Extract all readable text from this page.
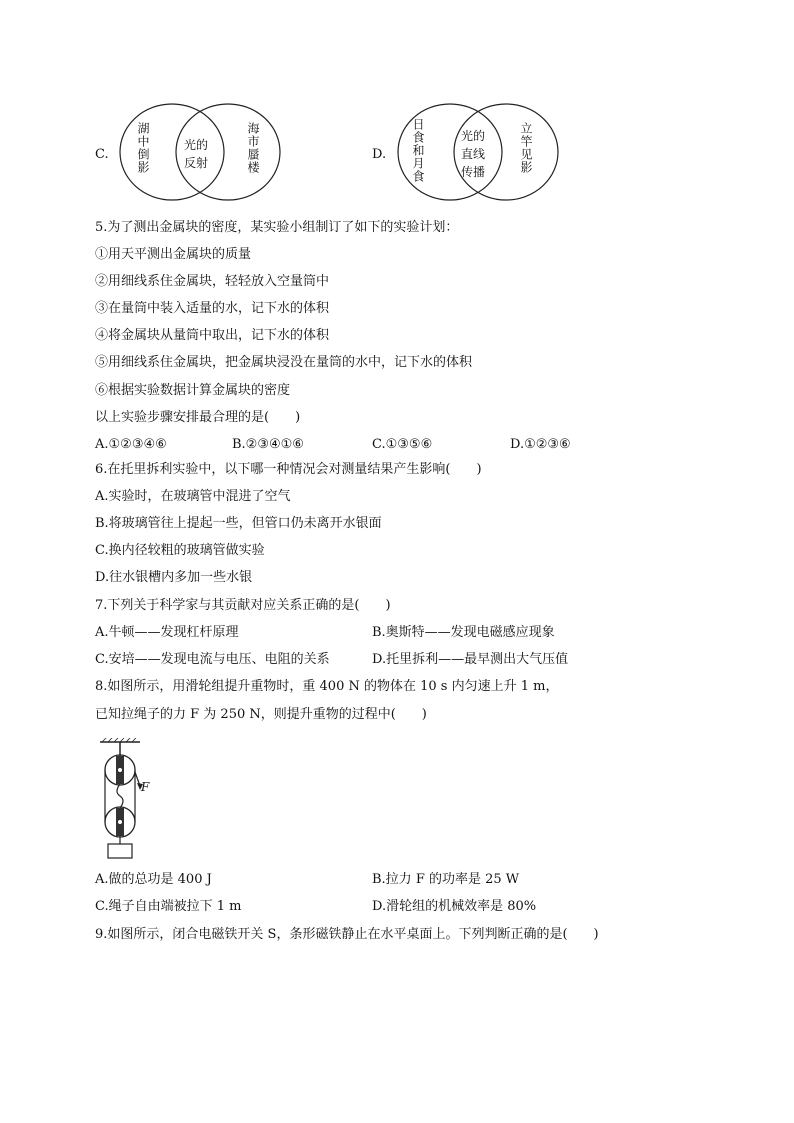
C. 湖中倒影	光的
反射	海市蜃楼	D. 日食和月食	光的
直线
传播	立竿见影
5.为了测出金属块的密度，某实验小组制订了如下的实验计划：
①用天平测出金属块的质量
②用细线系住金属块，轻轻放入空量筒中
③在量筒中装入适量的水，记下水的体积
④将金属块从量筒中取出，记下水的体积
⑤用细线系住金属块，把金属块浸没在量筒的水中，记下水的体积
⑥根据实验数据计算金属块的密度
以上实验步骤安排最合理的是(　　)
A.①②③④⑥	B.②③④①⑥	C.①③⑤⑥	D.①②③⑥
6.在托里拆利实验中，以下哪一种情况会对测量结果产生影响(　　)
A.实验时，在玻璃管中混进了空气
B.将玻璃管往上提起一些，但管口仍未离开水银面
C.换内径较粗的玻璃管做实验
D.往水银槽内多加一些水银
7.下列关于科学家与其贡献对应关系正确的是(　　)
A.牛顿——发现杠杆原理	B.奥斯特——发现电磁感应现象
C.安培——发现电流与电压、电阻的关系	D.托里拆利——最早测出大气压值
8.如图所示，用滑轮组提升重物时，重 400 N 的物体在 10 s 内匀速上升 1 m，
已知拉绳子的力 F 为 250 N，则提升重物的过程中(　　)
F
A.做的总功是 400 J	B.拉力 F 的功率是 25 W
C.绳子自由端被拉下 1 m	D.滑轮组的机械效率是 80%
9.如图所示，闭合电磁铁开关 S，条形磁铁静止在水平桌面上。下列判断正确的是(　　)
